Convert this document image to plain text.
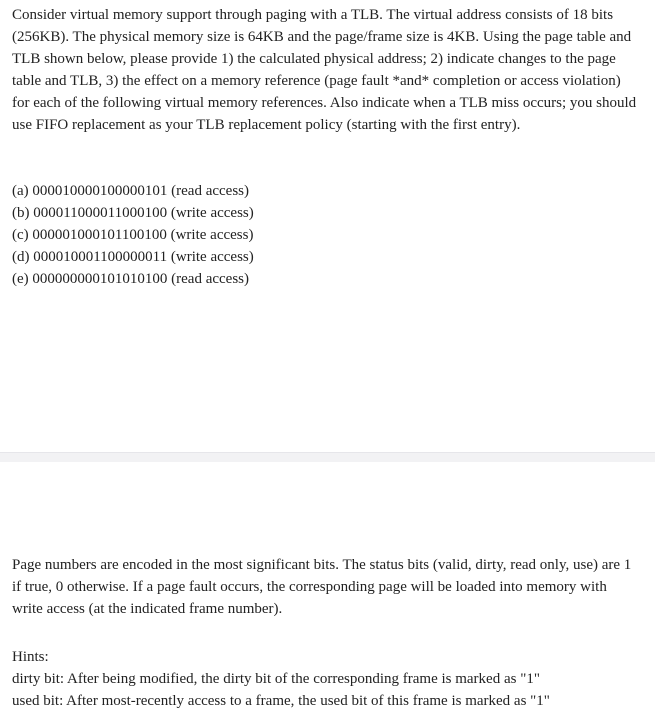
Consider virtual memory support through paging with a TLB. The virtual address consists of 18 bits (256KB). The physical memory size is 64KB and the page/frame size is 4KB. Using the page table and TLB shown below, please provide 1) the calculated physical address; 2) indicate changes to the page table and TLB, 3) the effect on a memory reference (page fault *and* completion or access violation) for each of the following virtual memory references. Also indicate when a TLB miss occurs; you should use FIFO replacement as your TLB replacement policy (starting with the first entry).

(a) 000010000100000101 (read access)
(b) 000011000011000100 (write access)
(c) 000001000101100100 (write access)
(d) 000010001100000011 (write access)
(e) 000000000101010100 (read access)

Page numbers are encoded in the most significant bits. The status bits (valid, dirty, read only, use) are 1 if true, 0 otherwise. If a page fault occurs, the corresponding page will be loaded into memory with write access (at the indicated frame number).

Hints:
dirty bit: After being modified, the dirty bit of the corresponding frame is marked as "1"
used bit: After most-recently access to a frame, the used bit of this frame is marked as "1"
